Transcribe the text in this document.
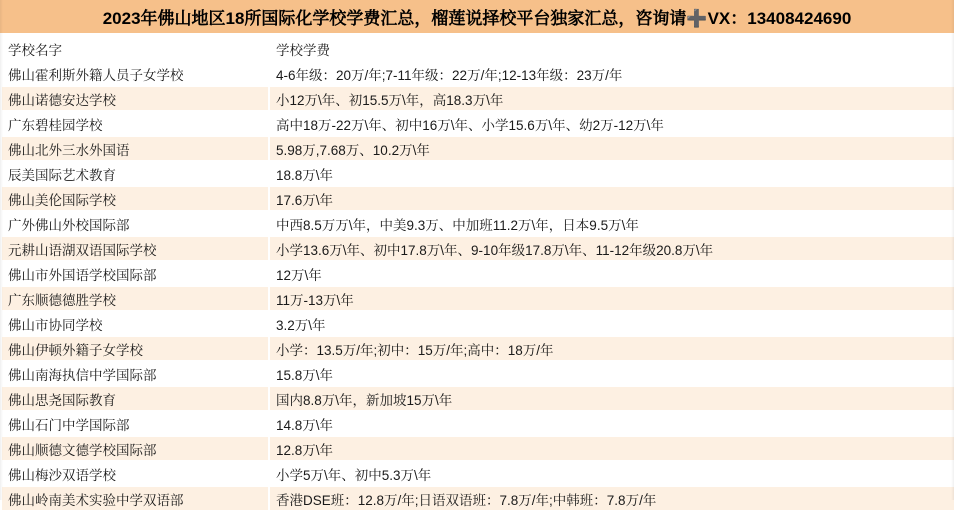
2023年佛山地区18所国际化学校学费汇总，榴莲说择校平台独家汇总，咨询请➕VX：13408424690
学校名字	学校学费
佛山霍利斯外籍人员子女学校	4-6年级：20万/年;7-11年级：22万/年;12-13年级：23万/年
佛山诺德安达学校	小12万\年、初15.5万\年，高18.3万\年
广东碧桂园学校	高中18万-22万\年、初中16万\年、小学15.6万\年、幼2万-12万\年
佛山北外三水外国语	5.98万,7.68万、10.2万\年
辰美国际艺术教育	18.8万\年
佛山美伦国际学校	17.6万\年
广外佛山外校国际部	中西8.5万万\年，中美9.3万、中加班11.2万\年，日本9.5万\年
元耕山语湖双语国际学校	小学13.6万\年、初中17.8万\年、9-10年级17.8万\年、11-12年级20.8万\年
佛山市外国语学校国际部	12万\年
广东顺德德胜学校	11万-13万\年
佛山市协同学校	3.2万\年
佛山伊顿外籍子女学校	小学：13.5万/年;初中：15万/年;高中：18万/年
佛山南海执信中学国际部	15.8万\年
佛山思尧国际教育	国内8.8万\年，新加坡15万\年
佛山石门中学国际部	14.8万\年
佛山顺德文德学校国际部	12.8万\年
佛山梅沙双语学校	小学5万\年、初中5.3万\年
佛山岭南美术实验中学双语部	香港DSE班：12.8万/年;日语双语班：7.8万/年;中韩班：7.8万/年
